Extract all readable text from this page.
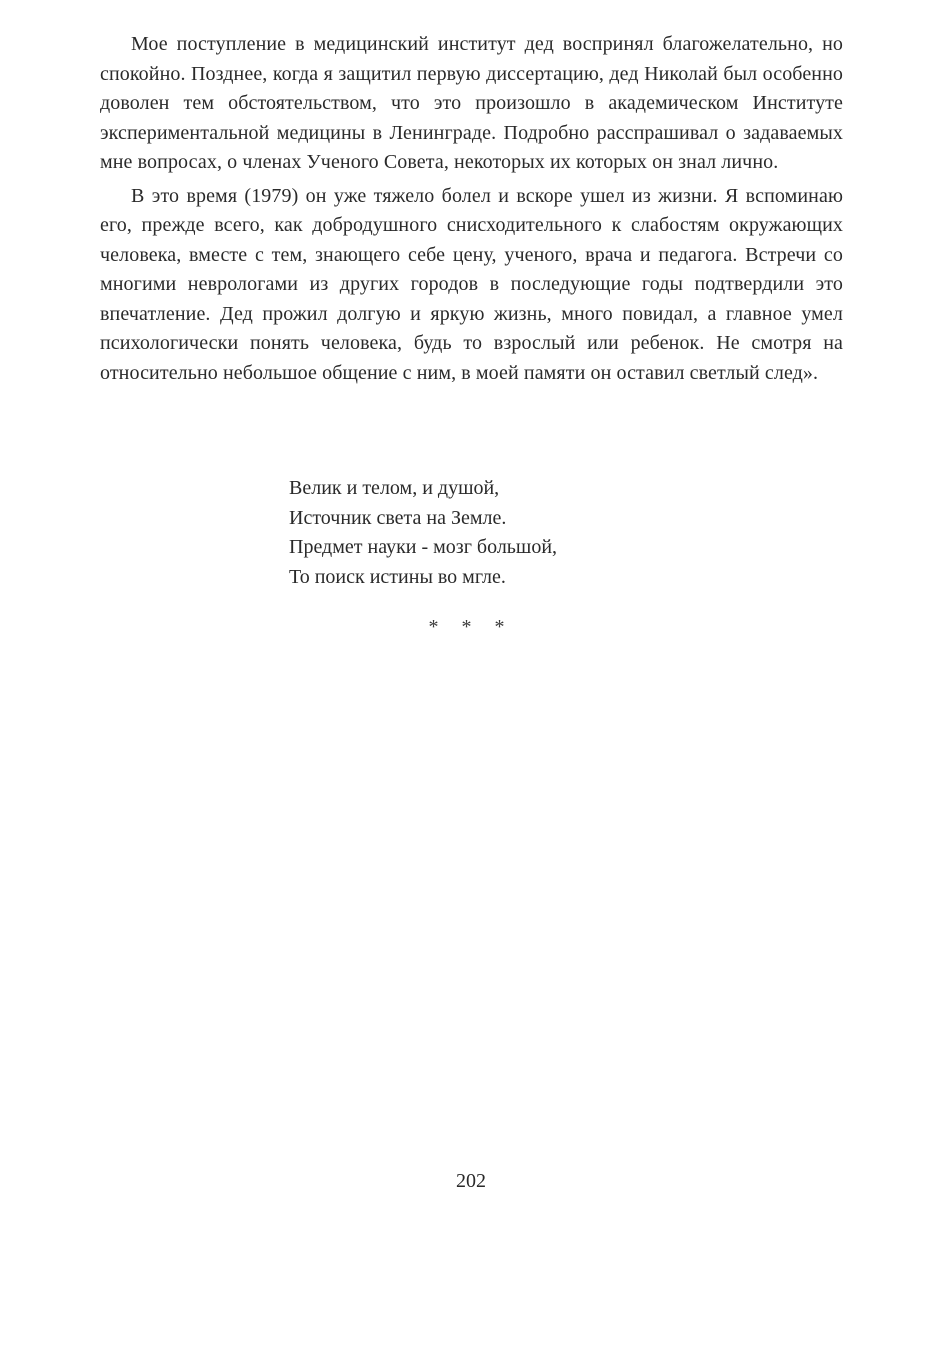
Мое поступление в медицинский институт дед воспринял благожелательно, но спокойно. Позднее, когда я защитил первую диссертацию, дед Николай был особенно доволен тем обстоятельством, что это произошло в академическом Институте экспериментальной медицины в Ленинграде. Подробно расспрашивал о задаваемых мне вопросах, о членах Ученого Совета, некоторых их которых он знал лично.

В это время (1979) он уже тяжело болел и вскоре ушел из жизни. Я вспоминаю его, прежде всего, как добродушного снисходительного к слабостям окружающих человека, вместе с тем, знающего себе цену, ученого, врача и педагога. Встречи со многими неврологами из других городов в последующие годы подтвердили это впечатление. Дед прожил долгую и яркую жизнь, много повидал, а главное умел психологически понять человека, будь то взрослый или ребенок. Не смотря на относительно небольшое общение с ним, в моей памяти он оставил светлый след».

Велик и телом, и душой,
Источник света на Земле.
Предмет науки - мозг большой,
То поиск истины во мгле.
* * *
202
